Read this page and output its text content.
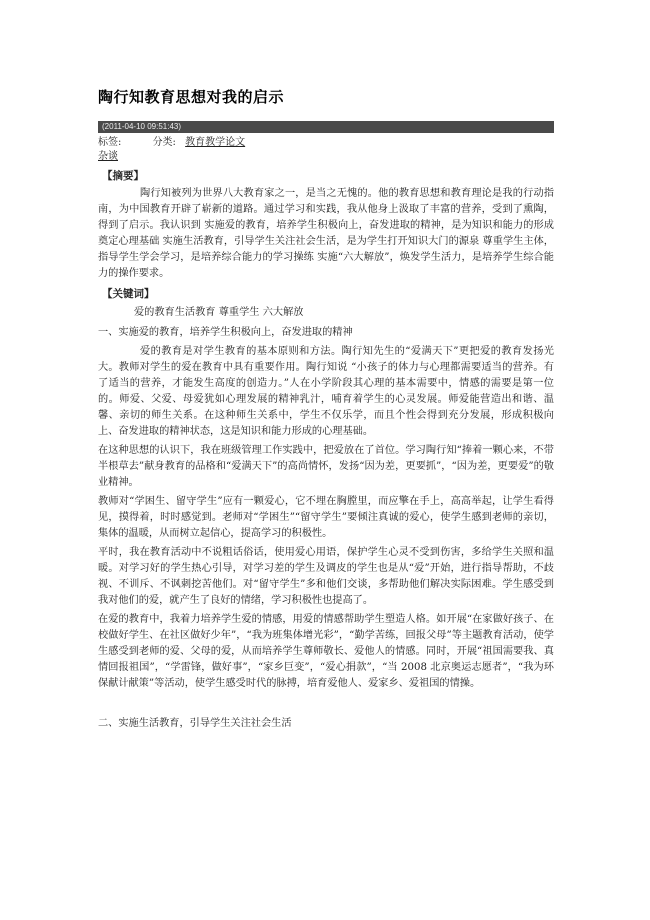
陶行知教育思想对我的启示
(2011-04-10 09:51:43)
标签:	分类: 教育教学论文
杂谈
【摘要】

陶行知被列为世界八大教育家之一，是当之无愧的。他的教育思想和教育理论是我的行动指南，为中国教育开辟了崭新的道路。通过学习和实践，我从他身上汲取了丰富的营养，受到了熏陶，得到了启示。我认识到 实施爱的教育，培养学生积极向上，奋发进取的精神，是为知识和能力的形成奠定心理基础 实施生活教育，引导学生关注社会生活，是为学生打开知识大门的源泉 尊重学生主体，指导学生学会学习，是培养综合能力的学习操练 实施“六大解放”，焕发学生活力，是培养学生综合能力的操作要求。

【关键词】

爱的教育生活教育 尊重学生 六大解放

一、实施爱的教育，培养学生积极向上，奋发进取的精神

爱的教育是对学生教育的基本原则和方法。陶行知先生的“爱满天下”更把爱的教育发扬光大。教师对学生的爱在教育中具有重要作用。陶行知说 “小孩子的体力与心理都需要适当的营养。有了适当的营养，才能发生高度的创造力。”人在小学阶段其心理的基本需要中，情感的需要是第一位的。师爱、父爱、母爱犹如心理发展的精神乳汁，哺育着学生的心灵发展。师爱能营造出和谐、温馨、亲切的师生关系。在这种师生关系中，学生不仅乐学，而且个性会得到充分发展，形成积极向上、奋发进取的精神状态，这是知识和能力形成的心理基础。

在这种思想的认识下，我在班级管理工作实践中，把爱放在了首位。学习陶行知“捧着一颗心来，不带半根草去”献身教育的品格和“爱满天下”的高尚情怀，发扬“因为差，更要抓”，“因为差，更要爱”的敬业精神。

教师对“学困生、留守学生”应有一颗爱心，它不埋在胸膛里，而应擎在手上，高高举起，让学生看得见，摸得着，时时感觉到。老师对“学困生”“留守学生”要倾注真诚的爱心，使学生感到老师的亲切，集体的温暖，从而树立起信心，提高学习的积极性。

平时，我在教育活动中不说粗话俗话，使用爱心用语，保护学生心灵不受到伤害，多给学生关照和温暖。对学习好的学生热心引导，对学习差的学生及调皮的学生也是从“爱”开始，进行指导帮助，不歧视、不训斥、不讽刺挖苦他们。对“留守学生”多和他们交谈，多帮助他们解决实际困难。学生感受到我对他们的爱，就产生了良好的情绪，学习积极性也提高了。

在爱的教育中，我着力培养学生爱的情感，用爱的情感帮助学生塑造人格。如开展“在家做好孩子、在校做好学生、在社区做好少年”，“我为班集体增光彩”，“勤学苦练，回报父母”等主题教育活动，使学生感受到老师的爱、父母的爱，从而培养学生尊师敬长、爱他人的情感。同时，开展“祖国需要我、真情回报祖国”，“学雷锋，做好事”，“家乡巨变”，“爱心捐款”，“当 2008 北京奥运志愿者”，“我为环保献计献策”等活动，使学生感受时代的脉搏，培育爱他人、爱家乡、爱祖国的情操。

二、实施生活教育，引导学生关注社会生活
